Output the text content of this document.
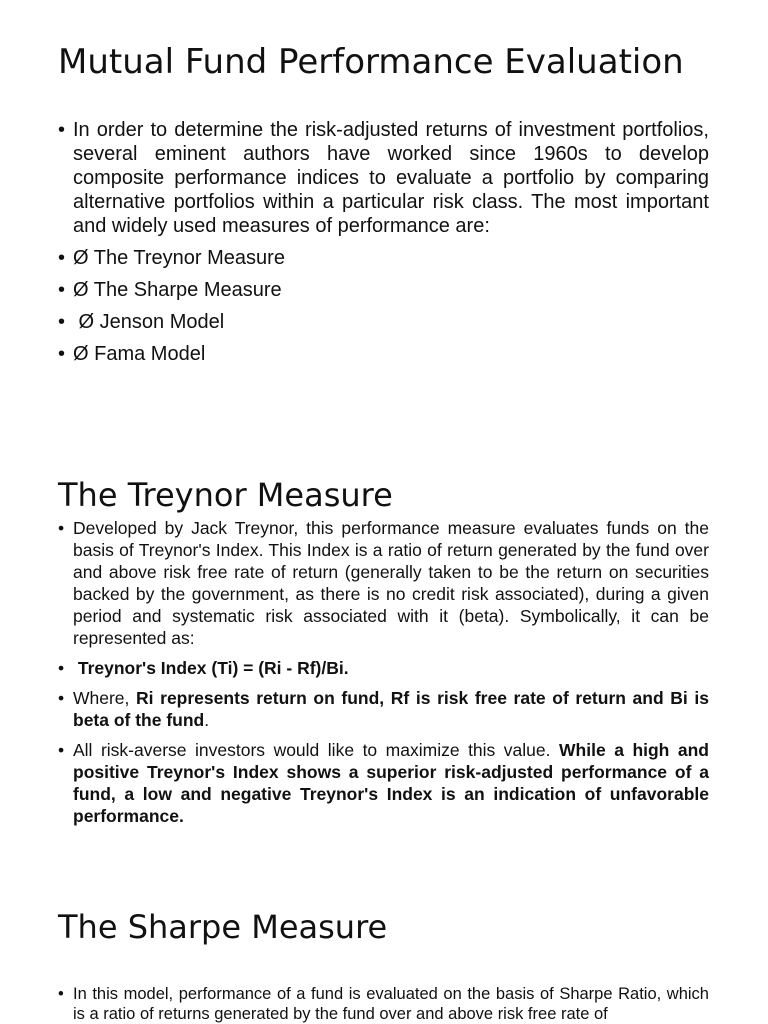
Mutual Fund Performance Evaluation
• In order to determine the risk-adjusted returns of investment portfolios, several eminent authors have worked since 1960s to develop composite performance indices to evaluate a portfolio by comparing alternative portfolios within a particular risk class. The most important and widely used measures of performance are:
• Ø The Treynor Measure
• Ø The Sharpe Measure
•  Ø Jenson Model
• Ø Fama Model
The Treynor Measure
• Developed by Jack Treynor, this performance measure evaluates funds on the basis of Treynor's Index. This Index is a ratio of return generated by the fund over and above risk free rate of return (generally taken to be the return on securities backed by the government, as there is no credit risk associated), during a given period and systematic risk associated with it (beta). Symbolically, it can be represented as:
•  Treynor's Index (Ti) = (Ri - Rf)/Bi.
• Where, Ri represents return on fund, Rf is risk free rate of return and Bi is beta of the fund.
• All risk-averse investors would like to maximize this value. While a high and positive Treynor's Index shows a superior risk-adjusted performance of a fund, a low and negative Treynor's Index is an indication of unfavorable performance.
The Sharpe Measure
• In this model, performance of a fund is evaluated on the basis of Sharpe Ratio, which is a ratio of returns generated by the fund over and above risk free rate of
